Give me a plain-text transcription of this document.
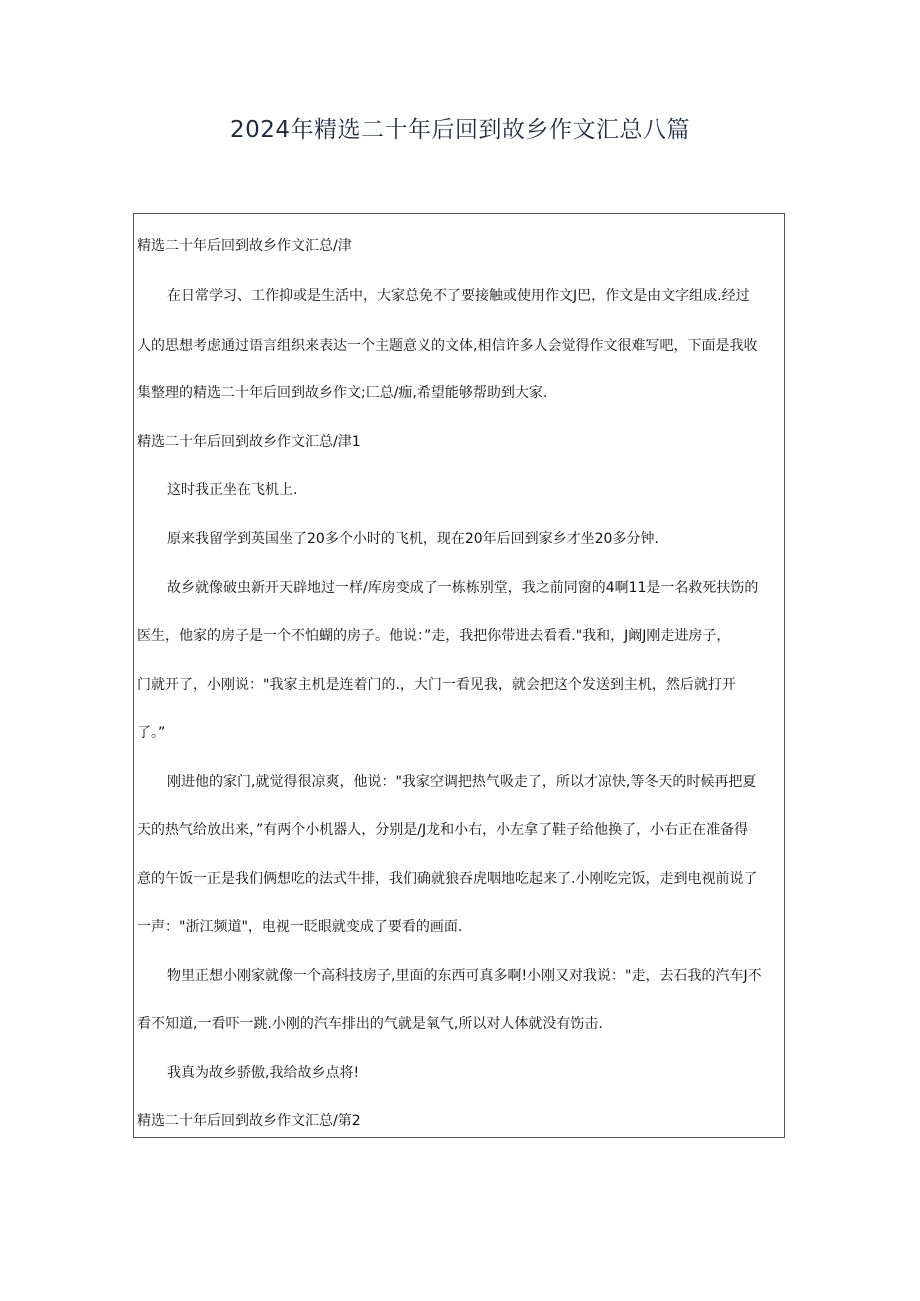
2024年精选二十年后回到故乡作文汇总八篇
精选二十年后回到故乡作文汇总/津
在日常学习、工作抑或是生活中，大家总免不了要接触或使用作文J巴，作文是由文字组成.经过
人的思想考虑通过语言组织来表达一个主题意义的文体,相信许多人会觉得作文很难写吧，下面是我收
集整理的精选二十年后回到故乡作文;匚总/痂,希望能够帮助到大家.
精选二十年后回到故乡作文汇总/津1
这时我正坐在飞机上.
原来我留学到英国坐了20多个小时的飞机，现在20年后回到家乡才坐20多分钟.
故乡就像破虫新开天辟地过一样/库房变成了一栋栋别堂，我之前同窗的4啊11是一名救死扶饬的
医生，他家的房子是一个不怕蝴的房子。他说：”走，我把你带进去看看."我和，J阚J刚走进房子，
门就开了，小刚说："我家主机是连着门的.，大门一看见我，就会把这个发送到主机，然后就打开
了。”
刚进他的家门,就觉得很凉爽，他说："我家空调把热气吸走了，所以才凉快,等冬天的时候再把夏
天的热气给放出来，”有两个小机器人，分别是/J龙和小右，小左拿了鞋子给他换了，小右正在准备得
意的午饭一正是我们俩想吃的法式牛排，我们确就狼吞虎咽地吃起来了.小刚吃完饭，走到电视前说了
一声："浙江频道"，电视一眨眼就变成了要看的画面.
物里正想小刚家就像一个高科技房子,里面的东西可真多啊!小刚又对我说："走，去石我的汽车J不
看不知道,一看吓一跳.小刚的汽车排出的气就是氧气,所以对人体就没有饬击.
我真为故乡骄傲,我给故乡点将!
精选二十年后回到故乡作文汇总/第2
